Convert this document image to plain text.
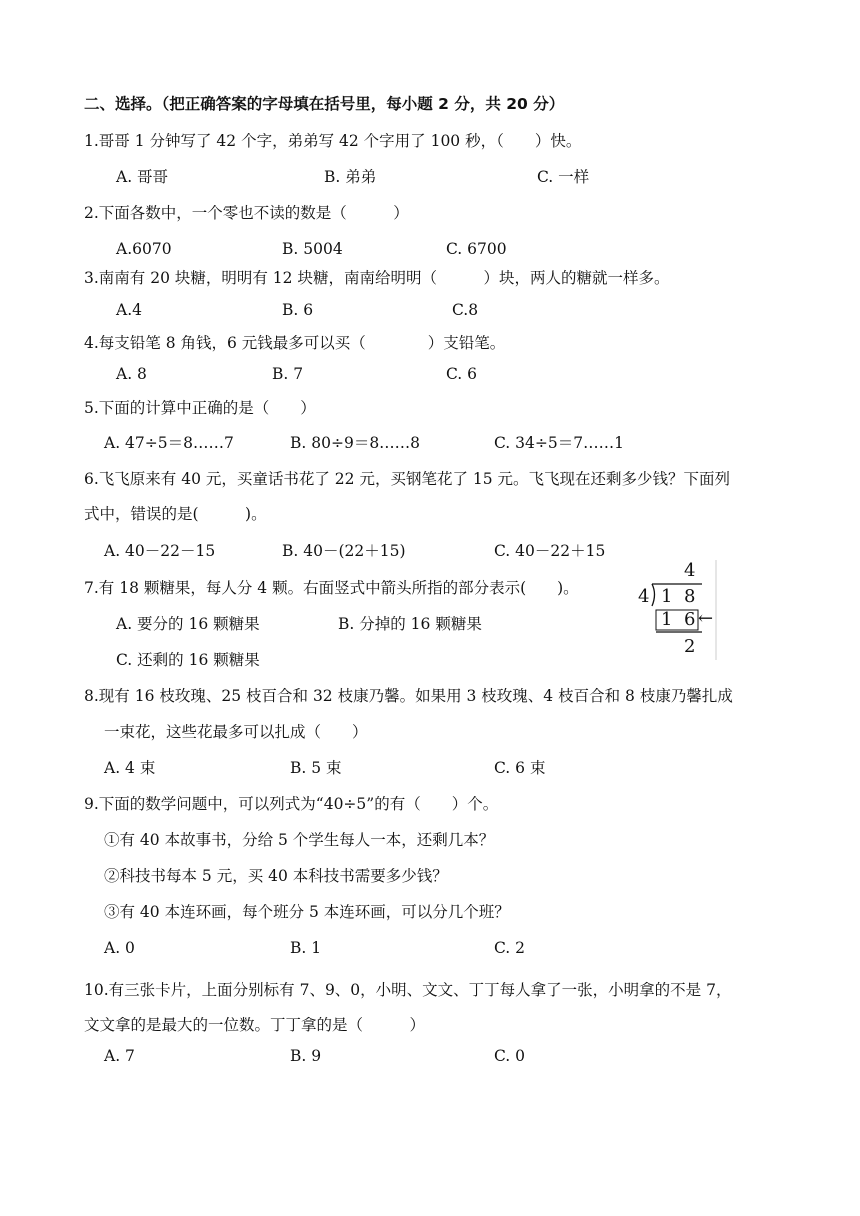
二、选择。（把正确答案的字母填在括号里，每小题 2 分，共 20 分）
1.哥哥 1 分钟写了 42 个字，弟弟写 42 个字用了 100 秒，（　　）快。
A. 哥哥	B. 弟弟	C. 一样
2.下面各数中，一个零也不读的数是（　　　）
A.6070	B. 5004	C. 6700
3.南南有 20 块糖，明明有 12 块糖，南南给明明（　　　）块，两人的糖就一样多。
A.4	B. 6	C.8
4.每支铅笔 8 角钱，6 元钱最多可以买（　　　　）支铅笔。
A. 8	B. 7	C. 6
5.下面的计算中正确的是（　　）
A. 47÷5＝8……7	B. 80÷9＝8……8	C. 34÷5＝7……1
6.飞飞原来有 40 元，买童话书花了 22 元，买钢笔花了 15 元。飞飞现在还剩多少钱？下面列
式中，错误的是(　　　)。
A. 40－22－15	B. 40－(22＋15)	C. 40－22＋15
7.有 18 颗糖果，每人分 4 颗。右面竖式中箭头所指的部分表示(　　)。
A. 要分的 16 颗糖果	B. 分掉的 16 颗糖果
C. 还剩的 16 颗糖果
4
4 1 8
1 6 ←
2
8.现有 16 枝玫瑰、25 枝百合和 32 枝康乃馨。如果用 3 枝玫瑰、4 枝百合和 8 枝康乃馨扎成
一束花，这些花最多可以扎成（　　）
A. 4 束	B. 5 束	C. 6 束
9.下面的数学问题中，可以列式为“40÷5”的有（　　）个。
①有 40 本故事书，分给 5 个学生每人一本，还剩几本？
②科技书每本 5 元，买 40 本科技书需要多少钱？
③有 40 本连环画，每个班分 5 本连环画，可以分几个班？
A. 0	B. 1	C. 2
10.有三张卡片，上面分别标有 7、9、0，小明、文文、丁丁每人拿了一张，小明拿的不是 7，
文文拿的是最大的一位数。丁丁拿的是（　　　）
A. 7	B. 9	C. 0
